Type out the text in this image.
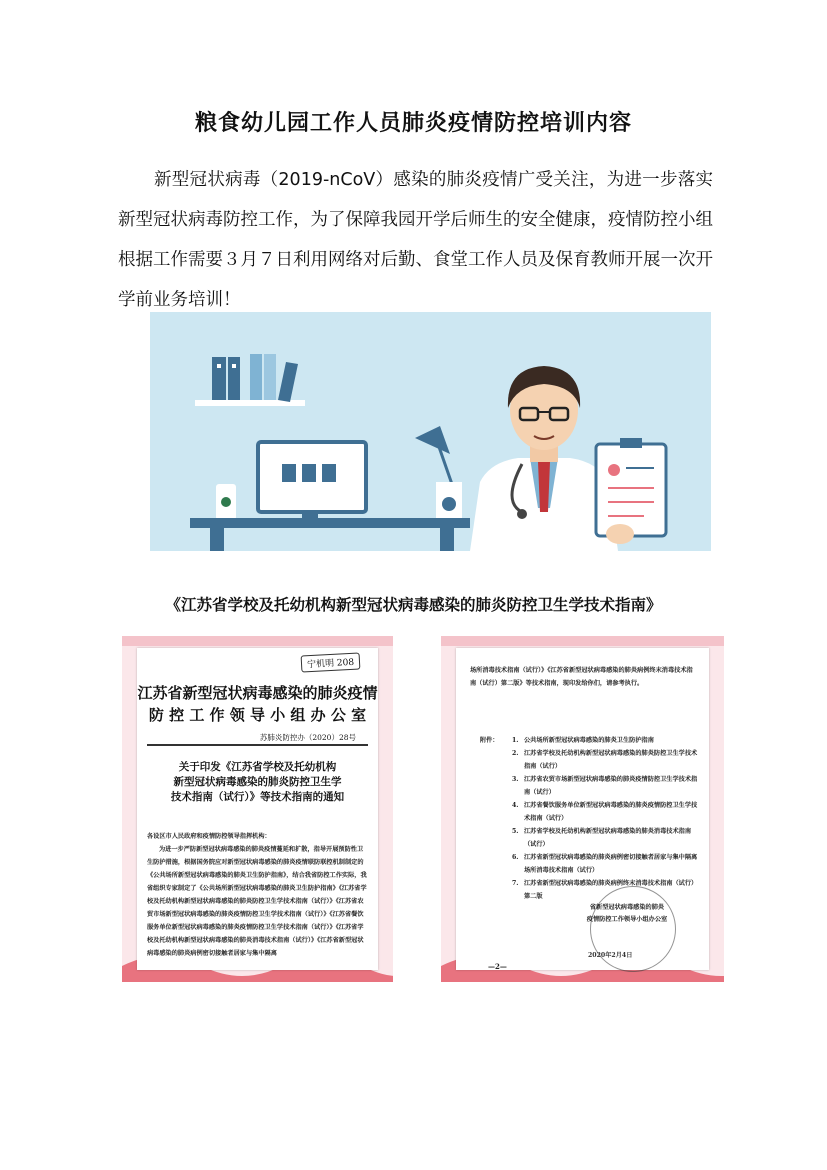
粮食幼儿园工作人员肺炎疫情防控培训内容
新型冠状病毒（2019-nCoV）感染的肺炎疫情广受关注，为进一步落实新型冠状病毒防控工作，为了保障我园开学后师生的安全健康，疫情防控小组根据工作需要３月７日利用网络对后勤、食堂工作人员及保育教师开展一次开学前业务培训！
《江苏省学校及托幼机构新型冠状病毒感染的肺炎防控卫生学技术指南》
宁机明 208
江苏省新型冠状病毒感染的肺炎疫情
防 控 工 作 领 导 小 组 办 公 室
苏肺炎防控办（2020）28号
关于印发《江苏省学校及托幼机构
新型冠状病毒感染的肺炎防控卫生学
技术指南（试行）》等技术指南的通知
各设区市人民政府和疫情防控领导指挥机构：
为进一步严防新型冠状病毒感染的肺炎疫情蔓延和扩散，指导开展预防性卫生防护措施，根据国务院应对新型冠状病毒感染的肺炎疫情联防联控机制制定的《公共场所新型冠状病毒感染的肺炎卫生防护指南》，结合我省防控工作实际，我省组织专家制定了《公共场所新型冠状病毒感染的肺炎卫生防护指南》《江苏省学校及托幼机构新型冠状病毒感染的肺炎防控卫生学技术指南（试行）》《江苏省农贸市场新型冠状病毒感染的肺炎疫情防控卫生学技术指南（试行）》《江苏省餐饮服务单位新型冠状病毒感染的肺炎疫情防控卫生学技术指南（试行）》《江苏省学校及托幼机构新型冠状病毒感染的肺炎消毒技术指南（试行）》《江苏省新型冠状病毒感染的肺炎病例密切接触者居家与集中隔离
场所消毒技术指南（试行）》《江苏省新型冠状病毒感染的肺炎病例终末消毒技术指南（试行）第二版》等技术指南，现印发给你们，请参考执行。
附件：	1. 公共场所新型冠状病毒感染的肺炎卫生防护指南
2. 江苏省学校及托幼机构新型冠状病毒感染的肺炎防控卫生学技术指南（试行）
3. 江苏省农贸市场新型冠状病毒感染的肺炎疫情防控卫生学技术指南（试行）
4. 江苏省餐饮服务单位新型冠状病毒感染的肺炎疫情防控卫生学技术指南（试行）
5. 江苏省学校及托幼机构新型冠状病毒感染的肺炎消毒技术指南（试行）
6. 江苏省新型冠状病毒感染的肺炎病例密切接触者居家与集中隔离场所消毒技术指南（试行）
7. 江苏省新型冠状病毒感染的肺炎病例终末消毒技术指南（试行）第二版
省新型冠状病毒感染的肺炎
疫情防控工作领导小组办公室
2020年2月4日
—2—
